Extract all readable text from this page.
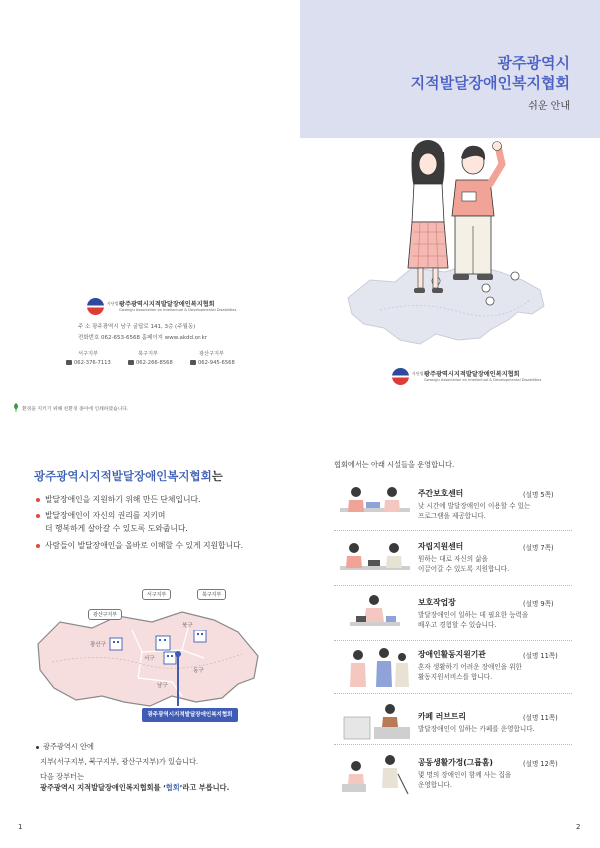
광주광역시
지적발달장애인복지협회
쉬운 안내
사단법인
광주광역시지적발달장애인복지협회
Gwangju Association on Intellectual & Developmental Disabilities
사단법인
광주광역시지적발달장애인복지협회
Gwangju Association on Intellectual & Developmental Disabilities
주 소 광주광역시 남구 굴답로 141, 3층 (주월동)
전화번호 062-653-6568 홈페이지 www.akdd.or.kr
서구지부	북구지부	광산구지부
062-376-7113	062-266-8568	062-945-6568
환경을 지키기 위해 친환경 종이에 인쇄하였습니다.
광주광역시지적발달장애인복지협회는
발달장애인을 지원하기 위해 만든 단체입니다.
발달장애인이 자신의 권리를 지키며
더 행복하게 살아갈 수 있도록 도와줍니다.
사람들이 발달장애인을 올바로 이해할 수 있게 지원합니다.
광산구지부
서구지부	북구지부
광산구
북구
서구
동구
남구
광주광역시지적발달장애인복지협회
광주광역시 안에
지부(서구지부, 북구지부, 광산구지부)가 있습니다.
다음 장부터는
광주광역시 지적발달장애인복지협회를 ‘협회’라고 부릅니다.
협회에서는 아래 시설들을 운영합니다.
주간보호센터	(설명 5쪽)
낮 시간에 발달장애인이 이용할 수 있는
프로그램을 제공합니다.
자립지원센터	(설명 7쪽)
원하는 대로 자신의 삶을
이끌어갈 수 있도록 지원합니다.
보호작업장	(설명 9쪽)
발달장애인이 일하는 데 필요한 능력을
배우고 경험할 수 있습니다.
장애인활동지원기관	(설명 11쪽)
혼자 생활하기 어려운 장애인을 위한
활동지원서비스를 합니다.
카페 러브트리	(설명 11쪽)
발달장애인이 일하는 카페를 운영합니다.
공동생활가정(그룹홈)	(설명 12쪽)
몇 명의 장애인이 함께 사는 집을
운영합니다.
1	2
